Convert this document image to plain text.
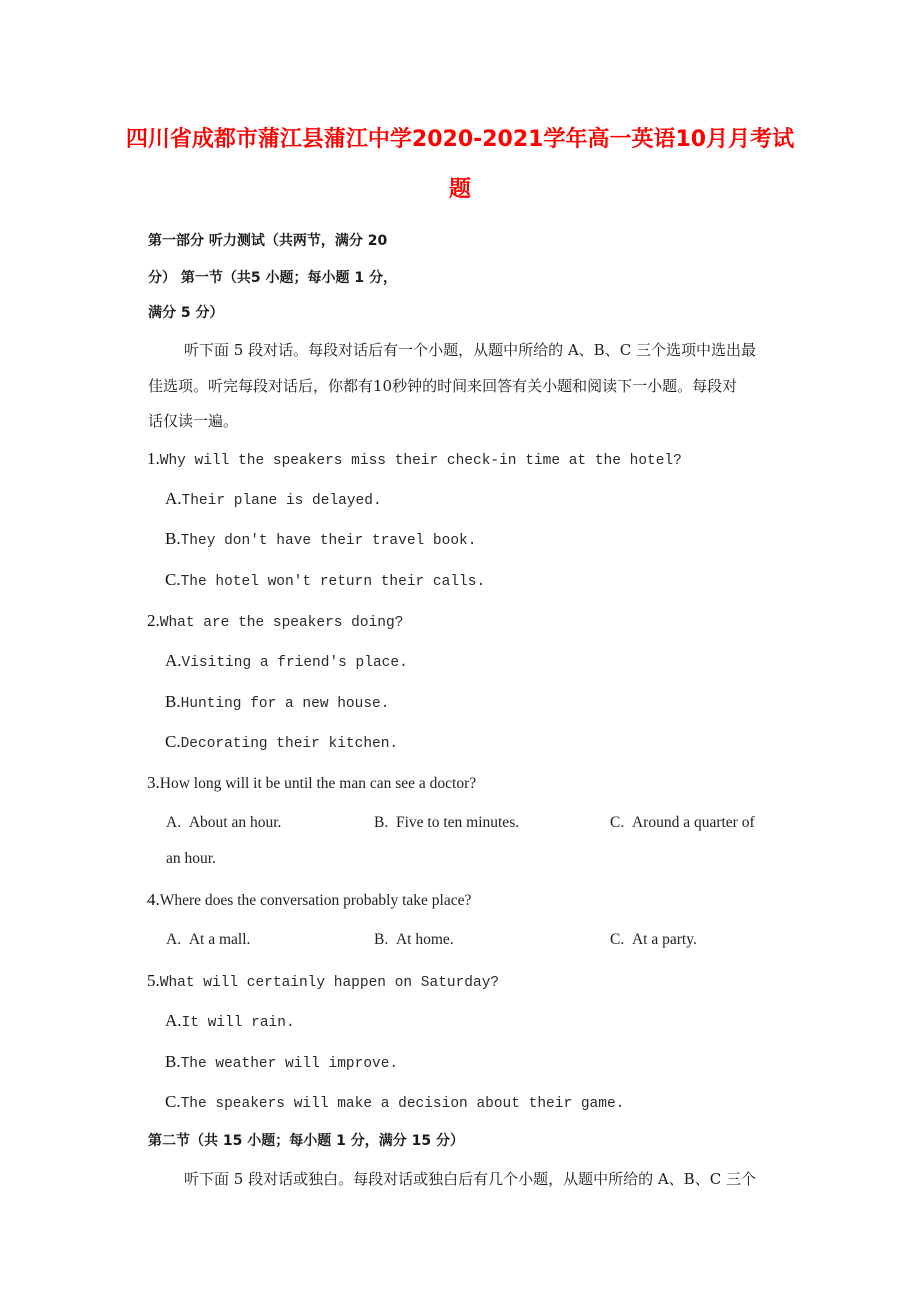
四川省成都市蒲江县蒲江中学2020-2021学年高一英语10月月考试
题
第一部分 听力测试（共两节，满分 20
分） 第一节（共5 小题；每小题 1 分，
满分 5 分）
听下面 5 段对话。每段对话后有一个小题，从题中所给的 A、B、C 三个选项中选出最
佳选项。听完每段对话后，你都有10秒钟的时间来回答有关小题和阅读下一小题。每段对
话仅读一遍。
1.Why will the speakers miss their check-in time at the hotel?
A.Their plane is delayed.
B.They don't have their travel book.
C.The hotel won't return their calls.
2.What are the speakers doing?
A.Visiting a friend's place.
B.Hunting for a new house.
C.Decorating their kitchen.
3.How long will it be until the man can see a doctor?
A. About an hour.	B. Five to ten minutes.	C. Around a quarter of
an hour.
4.Where does the conversation probably take place?
A. At a mall.	B. At home.	C. At a party.
5.What will certainly happen on Saturday?
A.It will rain.
B.The weather will improve.
C.The speakers will make a decision about their game.
第二节（共 15 小题；每小题 1 分，满分 15 分）
听下面 5 段对话或独白。每段对话或独白后有几个小题，从题中所给的 A、B、C 三个
